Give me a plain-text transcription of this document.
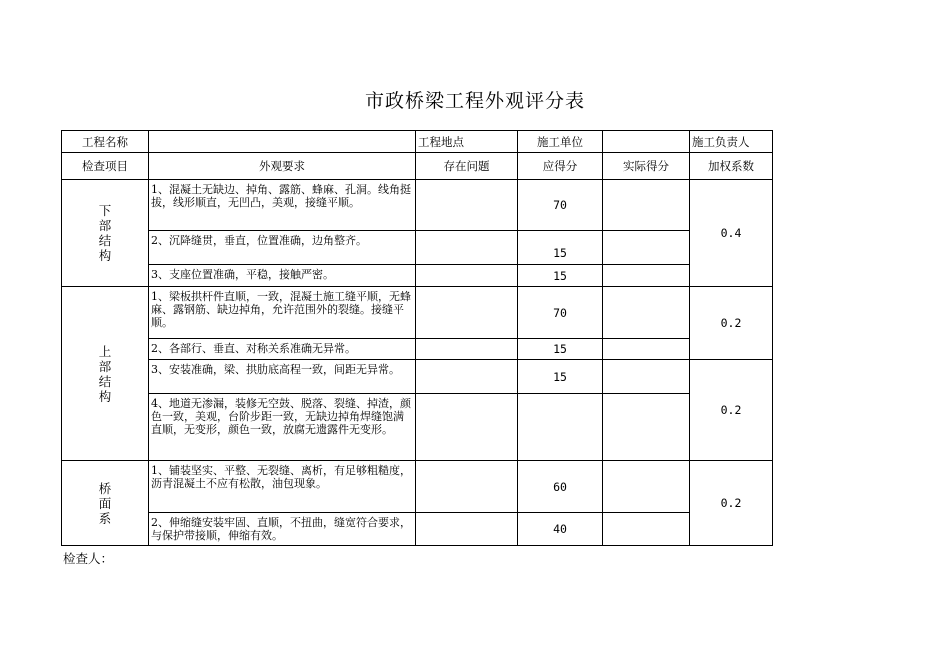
市政桥梁工程外观评分表
工程名称		工程地点	施工单位		施工负责人
检查项目	外观要求	存在问题	应得分	实际得分	加权系数
下部结构	1、混凝土无缺边、掉角、露筋、蜂麻、孔洞。线角挺拔，线形顺直，无凹凸，美观，接缝平顺。		70		0.4
	2、沉降缝贯，垂直，位置准确，边角整齐。		15		
	3、支座位置准确，平稳，接触严密。		15		
上部结构	1、梁板拱杆件直顺，一致，混凝土施工缝平顺，无蜂麻、露钢筋、缺边掉角，允许范围外的裂缝。接缝平顺。		70		0.2
	2、各部行、垂直、对称关系准确无异常。		15		
	3、安装准确，梁、拱肋底高程一致，间距无异常。		15		0.2
	4、地道无渗漏，装修无空鼓、脱落、裂缝、掉渣，颜色一致，美观，台阶步距一致，无缺边掉角焊缝饱满直顺，无变形，颜色一致，放腐无遗露件无变形。				
桥面系	1、铺装坚实、平整、无裂缝、离析，有足够粗糙度，沥青混凝土不应有松散，油包现象。		60		0.2
	2、伸缩缝安装牢固、直顺，不扭曲，缝宽符合要求，与保护带接顺，伸缩有效。		40		
检查人：
